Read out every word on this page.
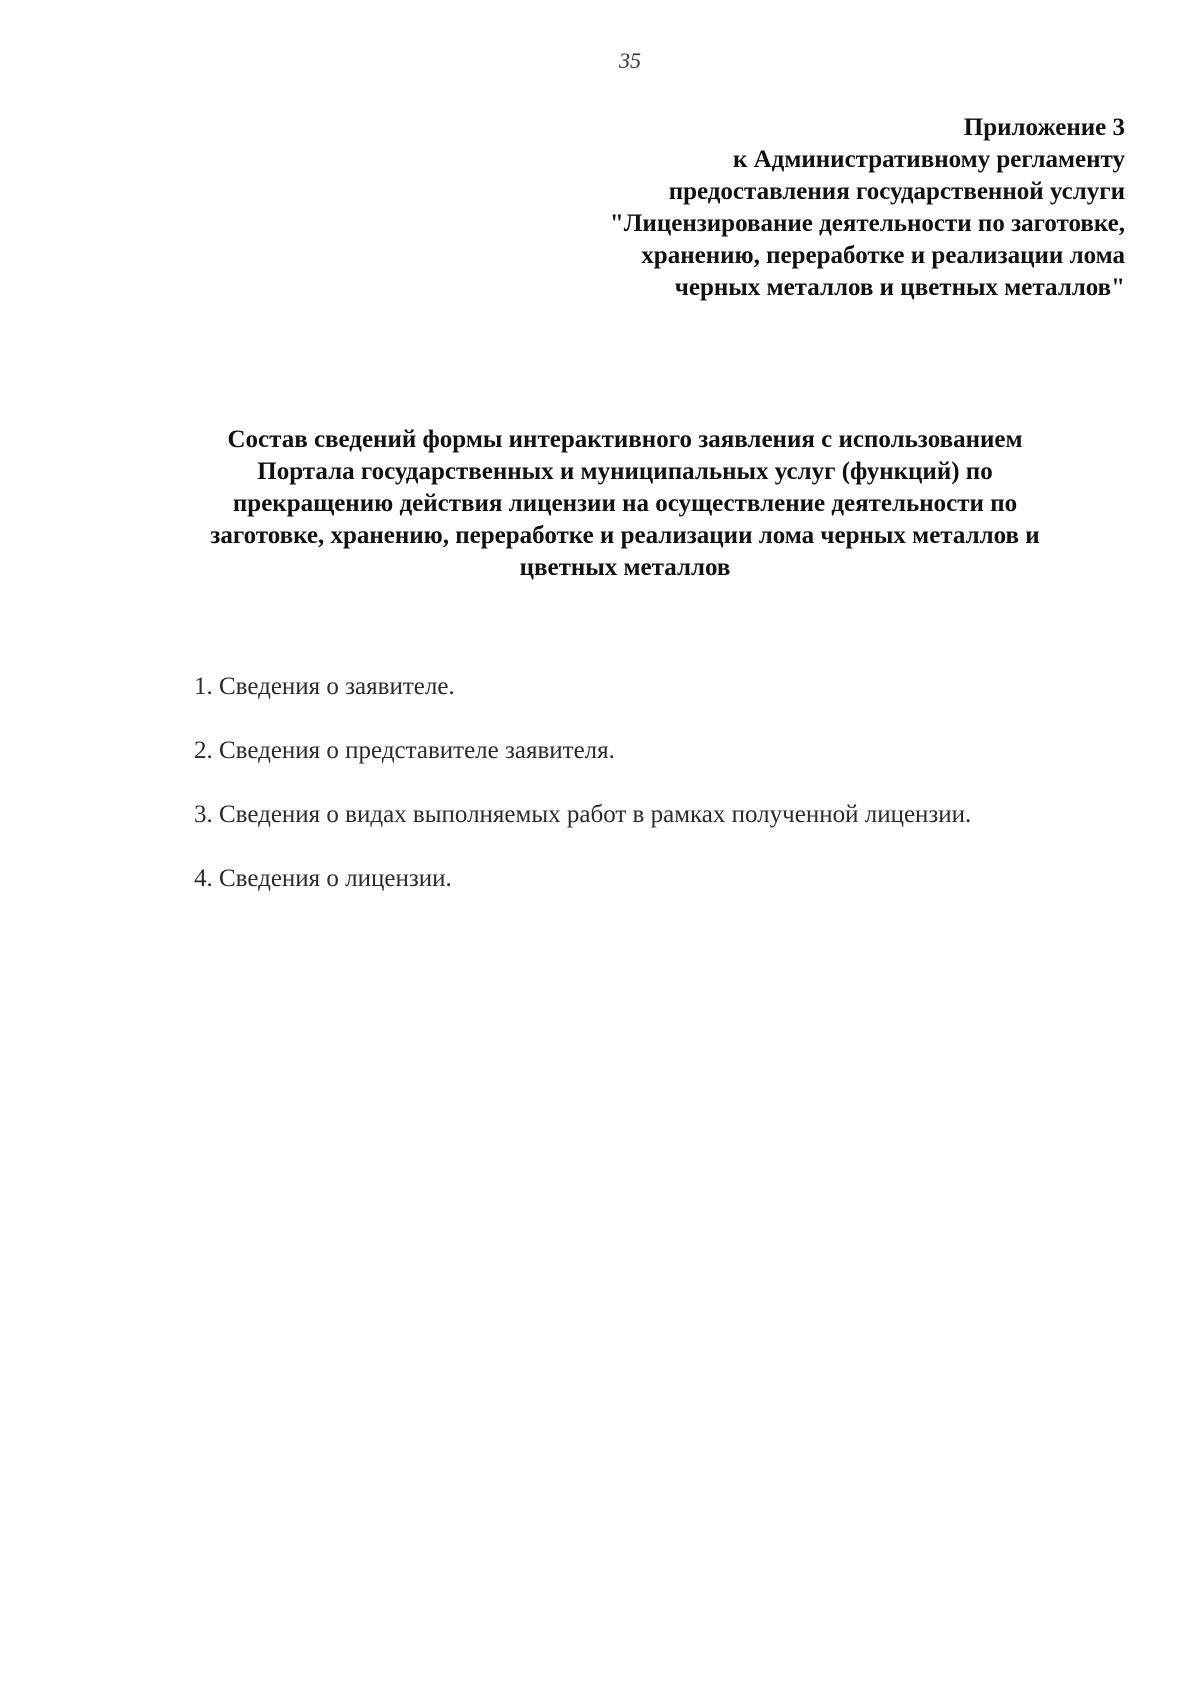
35
Приложение 3
к Административному регламенту
предоставления государственной услуги
"Лицензирование деятельности по заготовке,
хранению, переработке и реализации лома
черных металлов и цветных металлов"
Состав сведений формы интерактивного заявления с использованием
Портала государственных и муниципальных услуг (функций) по
прекращению действия лицензии на осуществление деятельности по
заготовке, хранению, переработке и реализации лома черных металлов и
цветных металлов
1. Сведения о заявителе.
2. Сведения о представителе заявителя.
3. Сведения о видах выполняемых работ в рамках полученной лицензии.
4. Сведения о лицензии.
